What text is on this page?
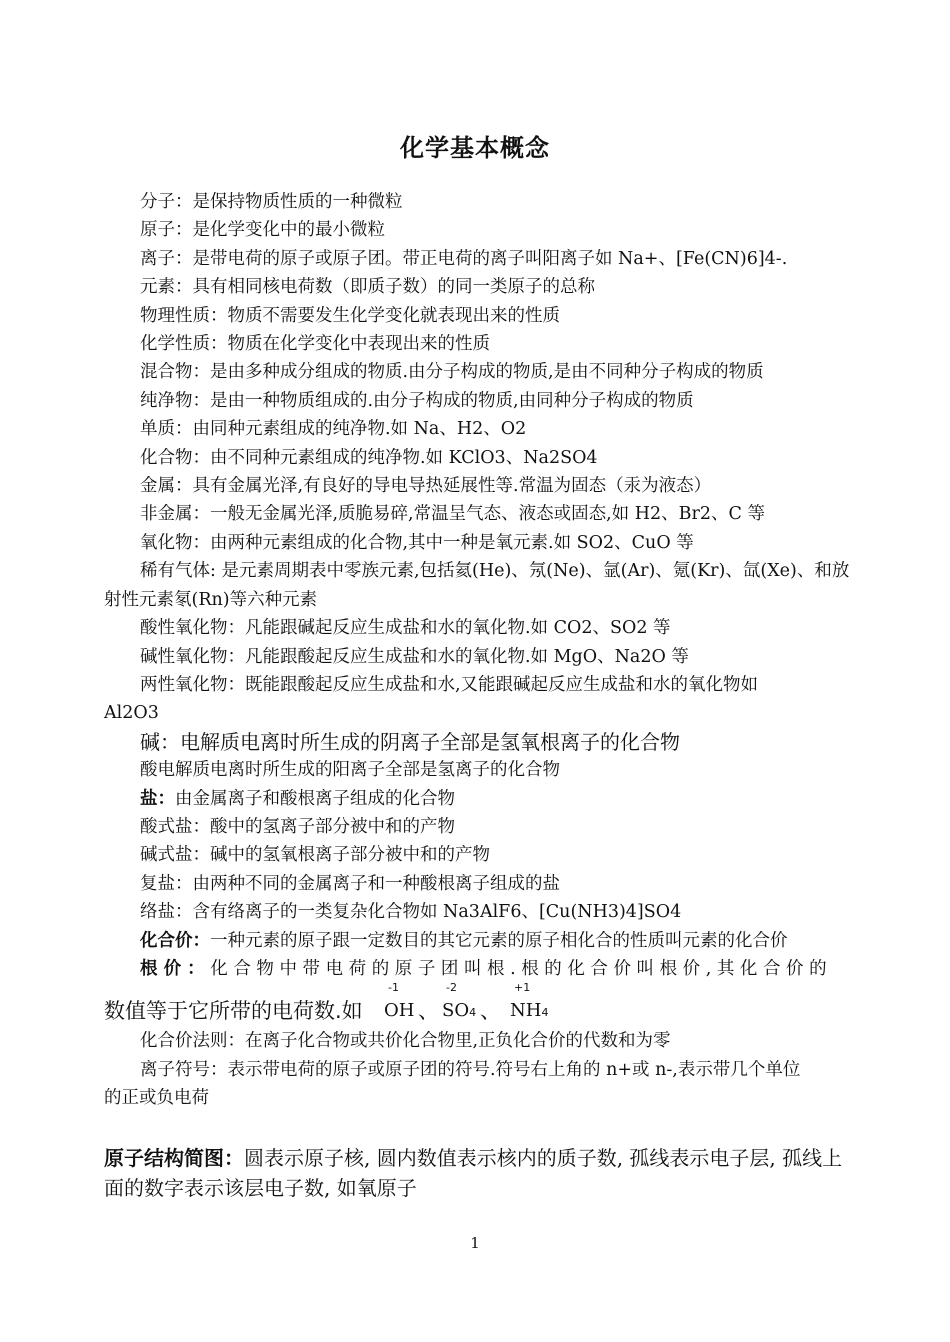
化学基本概念
分子：是保持物质性质的一种微粒
原子：是化学变化中的最小微粒
离子：是带电荷的原子或原子团。带正电荷的离子叫阳离子如 Na+、[Fe(CN)6]4-.
元素：具有相同核电荷数（即质子数）的同一类原子的总称
物理性质：物质不需要发生化学变化就表现出来的性质
化学性质：物质在化学变化中表现出来的性质
混合物：是由多种成分组成的物质.由分子构成的物质,是由不同种分子构成的物质
纯净物：是由一种物质组成的.由分子构成的物质,由同种分子构成的物质
单质：由同种元素组成的纯净物.如 Na、H2、O2
化合物：由不同种元素组成的纯净物.如 KClO3、Na2SO4
金属：具有金属光泽,有良好的导电导热延展性等.常温为固态（汞为液态）
非金属：一般无金属光泽,质脆易碎,常温呈气态、液态或固态,如 H2、Br2、C 等
氧化物：由两种元素组成的化合物,其中一种是氧元素.如 SO2、CuO 等
稀有气体: 是元素周期表中零族元素,包括氦(He)、氖(Ne)、氩(Ar)、氪(Kr)、氙(Xe)、和放
射性元素氡(Rn)等六种元素
酸性氧化物：凡能跟碱起反应生成盐和水的氧化物.如 CO2、SO2 等
碱性氧化物：凡能跟酸起反应生成盐和水的氧化物.如 MgO、Na2O 等
两性氧化物：既能跟酸起反应生成盐和水,又能跟碱起反应生成盐和水的氧化物如
Al2O3
碱：电解质电离时所生成的阴离子全部是氢氧根离子的化合物
酸电解质电离时所生成的阳离子全部是氢离子的化合物
盐：由金属离子和酸根离子组成的化合物
酸式盐：酸中的氢离子部分被中和的产物
碱式盐：碱中的氢氧根离子部分被中和的产物
复盐：由两种不同的金属离子和一种酸根离子组成的盐
络盐：含有络离子的一类复杂化合物如 Na3AlF6、[Cu(NH3)4]SO4
化合价：一种元素的原子跟一定数目的其它元素的原子相化合的性质叫元素的化合价
根 价 ： 化 合 物 中 带 电 荷 的 原 子 团 叫 根 . 根 的 化 合 价 叫 根 价 , 其 化 合 价 的
数值等于它所带的电荷数.如
-1
OH 、
-2
SO4 、
+1
NH4
化合价法则：在离子化合物或共价化合物里,正负化合价的代数和为零
离子符号：表示带电荷的原子或原子团的符号.符号右上角的 n+或 n-,表示带几个单位
的正或负电荷
原子结构简图：圆表示原子核, 圆内数值表示核内的质子数, 孤线表示电子层, 孤线上面的数字表示该层电子数, 如氧原子
1
